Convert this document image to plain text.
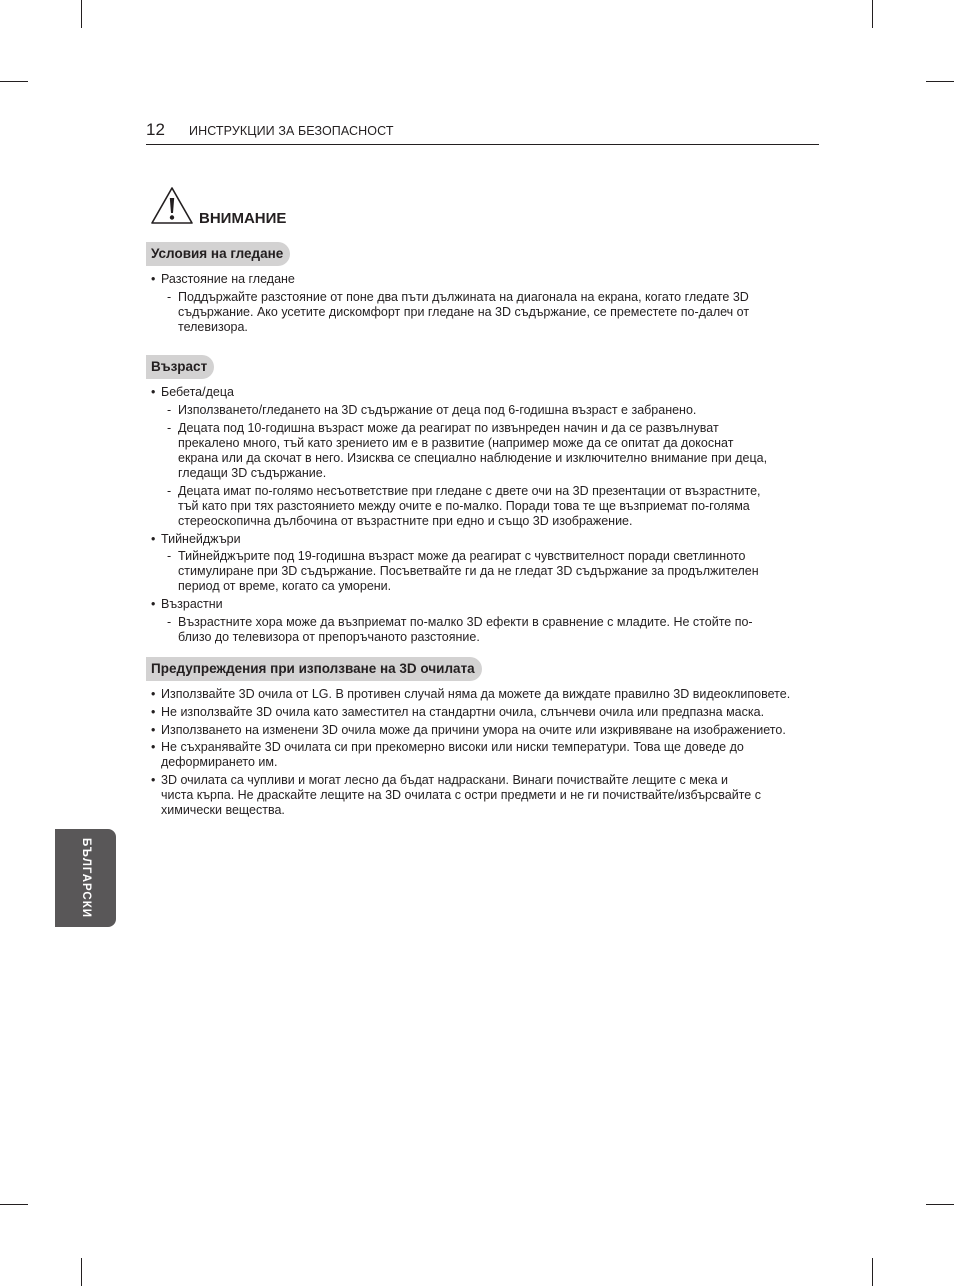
12 ИНСТРУКЦИИ ЗА БЕЗОПАСНОСТ
ВНИМАНИЕ
Условия на гледане
• Разстояние на гледане
- Поддържайте разстояние от поне два пъти дължината на диагонала на екрана, когато гледате 3D
съдържание. Ако усетите дискомфорт при гледане на 3D съдържание, се преместете по-далеч от
телевизора.
Възраст
• Бебета/деца
- Използването/гледането на 3D съдържание от деца под 6-годишна възраст е забранено.
- Децата под 10-годишна възраст може да реагират по извънреден начин и да се развълнуват
прекалено много, тъй като зрението им е в развитие (например може да се опитат да докоснат
екрана или да скочат в него. Изисква се специално наблюдение и изключително внимание при деца,
гледащи 3D съдържание.
- Децата имат по-голямо несъответствие при гледане с двете очи на 3D презентации от възрастните,
тъй като при тях разстоянието между очите е по-малко. Поради това те ще възприемат по-голяма
стереоскопична дълбочина от възрастните при едно и също 3D изображение.
• Тийнейджъри
- Тийнейджърите под 19-годишна възраст може да реагират с чувствителност поради светлинното
стимулиране при 3D съдържание. Посъветвайте ги да не гледат 3D съдържание за продължителен
период от време, когато са уморени.
• Възрастни
- Възрастните хора може да възприемат по-малко 3D ефекти в сравнение с младите. Не стойте по-
близо до телевизора от препоръчаното разстояние.
Предупреждения при използване на 3D очилата
• Използвайте 3D очила от LG. В противен случай няма да можете да виждате правилно 3D видеоклиповете.
• Не използвайте 3D очила като заместител на стандартни очила, слънчеви очила или предпазна маска.
• Използването на изменени 3D очила може да причини умора на очите или изкривяване на изображението.
• Не съхранявайте 3D очилата си при прекомерно високи или ниски температури. Това ще доведе до
деформирането им.
• 3D очилата са чупливи и могат лесно да бъдат надраскани. Винаги почиствайте лещите с мека и
чиста кърпа. Не драскайте лещите на 3D очилата с остри предмети и не ги почиствайте/избърсвайте с
химически вещества.
БЪЛГАРСКИ
